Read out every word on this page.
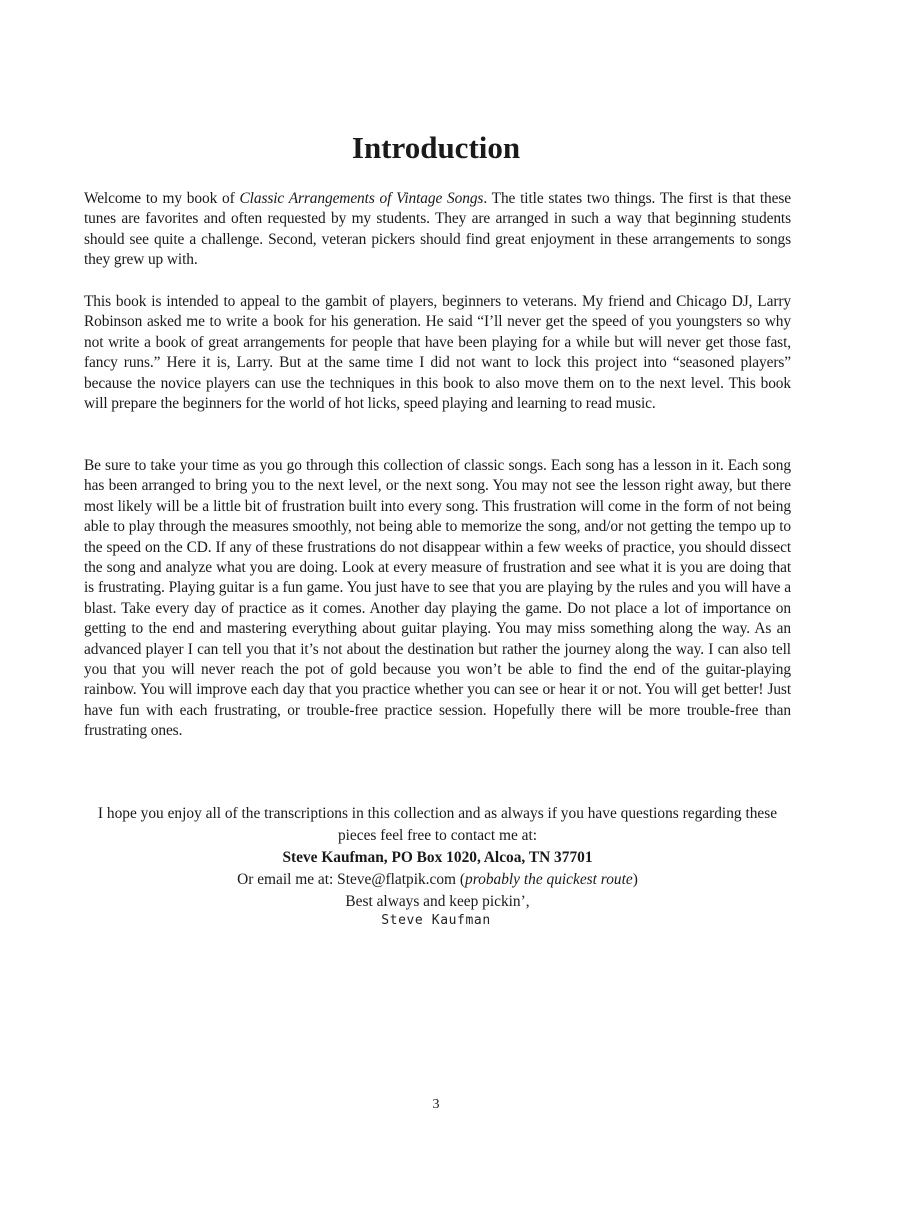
Introduction

Welcome to my book of Classic Arrangements of Vintage Songs. The title states two things. The first is that these tunes are favorites and often requested by my students. They are arranged in such a way that beginning students should see quite a challenge. Second, veteran pickers should find great enjoyment in these arrangements to songs they grew up with.

This book is intended to appeal to the gambit of players, beginners to veterans. My friend and Chicago DJ, Larry Robinson asked me to write a book for his generation. He said “I’ll never get the speed of you youngsters so why not write a book of great arrangements for people that have been playing for a while but will never get those fast, fancy runs.” Here it is, Larry. But at the same time I did not want to lock this project into “seasoned players” because the novice players can use the techniques in this book to also move them on to the next level. This book will prepare the beginners for the world of hot licks, speed playing and learning to read music.

Be sure to take your time as you go through this collection of classic songs. Each song has a lesson in it. Each song has been arranged to bring you to the next level, or the next song. You may not see the lesson right away, but there most likely will be a little bit of frustration built into every song. This frustration will come in the form of not being able to play through the measures smoothly, not being able to memorize the song, and/or not getting the tempo up to the speed on the CD. If any of these frustrations do not disappear within a few weeks of practice, you should dissect the song and analyze what you are doing. Look at every measure of frustration and see what it is you are doing that is frustrating. Playing guitar is a fun game. You just have to see that you are playing by the rules and you will have a blast. Take every day of practice as it comes. Another day playing the game. Do not place a lot of importance on getting to the end and mastering everything about guitar playing. You may miss something along the way. As an advanced player I can tell you that it’s not about the destination but rather the journey along the way. I can also tell you that you will never reach the pot of gold because you won’t be able to find the end of the guitar-playing rainbow. You will improve each day that you practice whether you can see or hear it or not. You will get better! Just have fun with each frustrating, or trouble-free practice session. Hopefully there will be more trouble-free than frustrating ones.

I hope you enjoy all of the transcriptions in this collection and as always if you have questions regarding these pieces feel free to contact me at:
Steve Kaufman, PO Box 1020, Alcoa, TN 37701
Or email me at: Steve@flatpik.com (probably the quickest route)
Best always and keep pickin’,
Steve Kaufman
3
